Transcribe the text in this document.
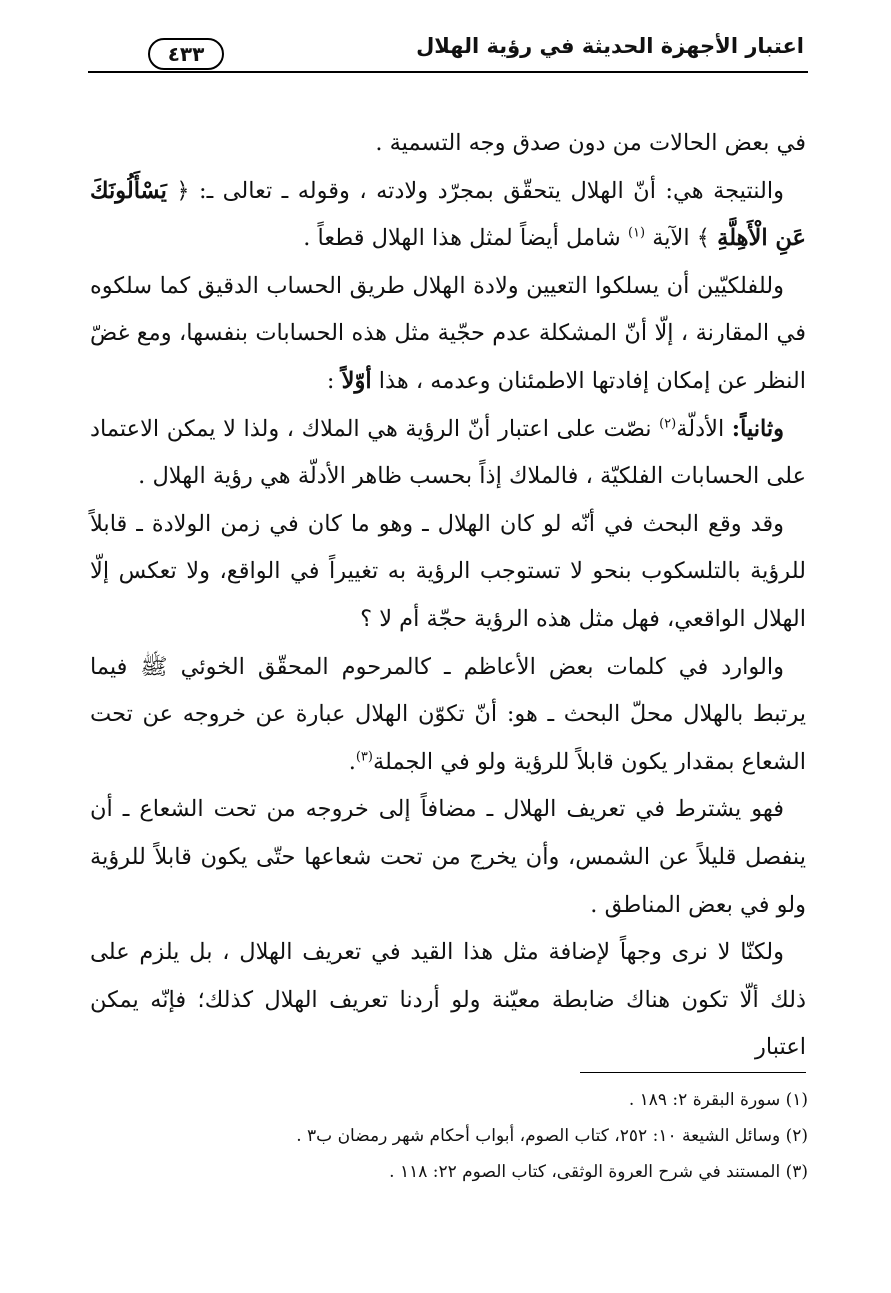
اعتبار الأجهزة الحديثة في رؤية الهلال
٤٣٣

في بعض الحالات من دون صدق وجه التسمية .

والنتيجة هي: أنّ الهلال يتحقّق بمجرّد ولادته ، وقوله ـ تعالى ـ: ﴿ يَسْأَلُونَكَ عَنِ الْأَهِلَّةِ ﴾ الآية $^{(١)}$ شامل أيضاً لمثل هذا الهلال قطعاً .

وللفلكيّين أن يسلكوا التعيين ولادة الهلال طريق الحساب الدقيق كما سلكوه في المقارنة ، إلّا أنّ المشكلة عدم حجّية مثل هذه الحسابات بنفسها، ومع غضّ النظر عن إمكان إفادتها الاطمئنان وعدمه ، هذا أوّلاً :

وثانياً: الأدلّة$^{(٢)}$ نصّت على اعتبار أنّ الرؤية هي الملاك ، ولذا لا يمكن الاعتماد على الحسابات الفلكيّة ، فالملاك إذاً بحسب ظاهر الأدلّة هي رؤية الهلال .

وقد وقع البحث في أنّه لو كان الهلال ـ وهو ما كان في زمن الولادة ـ قابلاً للرؤية بالتلسكوب بنحو لا تستوجب الرؤية به تغييراً في الواقع، ولا تعكس إلّا الهلال الواقعي، فهل مثل هذه الرؤية حجّة أم لا ؟

والوارد في كلمات بعض الأعاظم ـ كالمرحوم المحقّق الخوئي ﷺ فيما يرتبط بالهلال محلّ البحث ـ هو: أنّ تكوّن الهلال عبارة عن خروجه عن تحت الشعاع بمقدار يكون قابلاً للرؤية ولو في الجملة$^{(٣)}$.

فهو يشترط في تعريف الهلال ـ مضافاً إلى خروجه من تحت الشعاع ـ أن ينفصل قليلاً عن الشمس، وأن يخرج من تحت شعاعها حتّى يكون قابلاً للرؤية ولو في بعض المناطق .

ولكنّا لا نرى وجهاً لإضافة مثل هذا القيد في تعريف الهلال ، بل يلزم على ذلك ألّا تكون هناك ضابطة معيّنة ولو أردنا تعريف الهلال كذلك؛ فإنّه يمكن اعتبار

(١) سورة البقرة ٢: ١٨٩ .

(٢) وسائل الشيعة ١٠: ٢٥٢، كتاب الصوم، أبواب أحكام شهر رمضان ب٣ .

(٣) المستند في شرح العروة الوثقى، كتاب الصوم ٢٢: ١١٨ .
